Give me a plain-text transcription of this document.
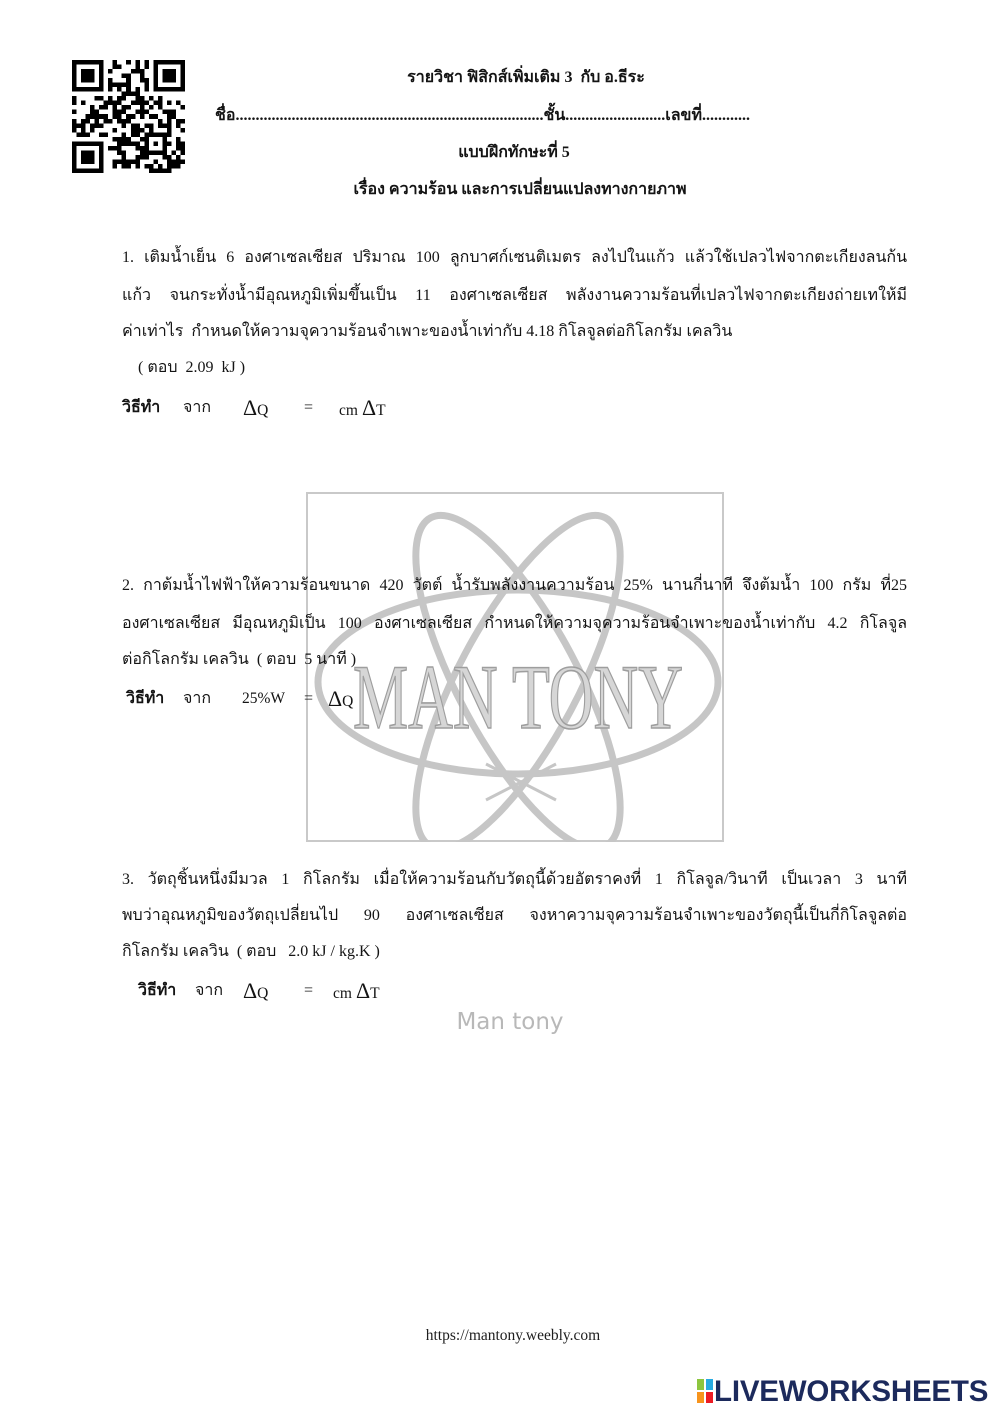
รายวิชา ฟิสิกส์เพิ่มเติม 3  กับ อ.ธีระ
ชื่อ.............................................................................ชั้น.........................เลขที่............
แบบฝึกทักษะที่ 5
เรื่อง ความร้อน และการเปลี่ยนแปลงทางกายภาพ
MAN TONY
1. เติมน้ำเย็น 6 องศาเซลเซียส ปริมาณ 100 ลูกบาศก์เซนติเมตร ลงไปในแก้ว แล้วใช้เปลวไฟจากตะเกียงลนก้น
แก้ว จนกระทั่งน้ำมีอุณหภูมิเพิ่มขึ้นเป็น 11 องศาเซลเซียส พลังงานความร้อนที่เปลวไฟจากตะเกียงถ่ายเทให้มี
ค่าเท่าไร  กำหนดให้ความจุความร้อนจำเพาะของน้ำเท่ากับ 4.18 กิโลจูลต่อกิโลกรัม เคลวิน
( ตอบ  2.09  kJ )
วิธีทำ จาก ΔQ = cm ΔT
2. กาต้มน้ำไฟฟ้าให้ความร้อนขนาด 420 วัตต์ น้ำรับพลังงานความร้อน 25% นานกี่นาที จึงต้มน้ำ 100 กรัม ที่25
องศาเซลเซียส มีอุณหภูมิเป็น 100 องศาเซลเซียส กำหนดให้ความจุความร้อนจำเพาะของน้ำเท่ากับ 4.2 กิโลจูล
ต่อกิโลกรัม เคลวิน  ( ตอบ  5 นาที )
วิธีทำ จาก 25%W = ΔQ
3. วัตถุชิ้นหนึ่งมีมวล 1 กิโลกรัม เมื่อให้ความร้อนกับวัตถุนี้ด้วยอัตราคงที่ 1 กิโลจูล/วินาที เป็นเวลา 3 นาที
พบว่าอุณหภูมิของวัตถุเปลี่ยนไป 90 องศาเซลเซียส จงหาความจุความร้อนจำเพาะของวัตถุนี้เป็นกี่กิโลจูลต่อ
กิโลกรัม เคลวิน  ( ตอบ   2.0 kJ / kg.K )
วิธีทำ จาก ΔQ = cm ΔT
Man tony
https://mantony.weebly.com
LIVEWORKSHEETS
